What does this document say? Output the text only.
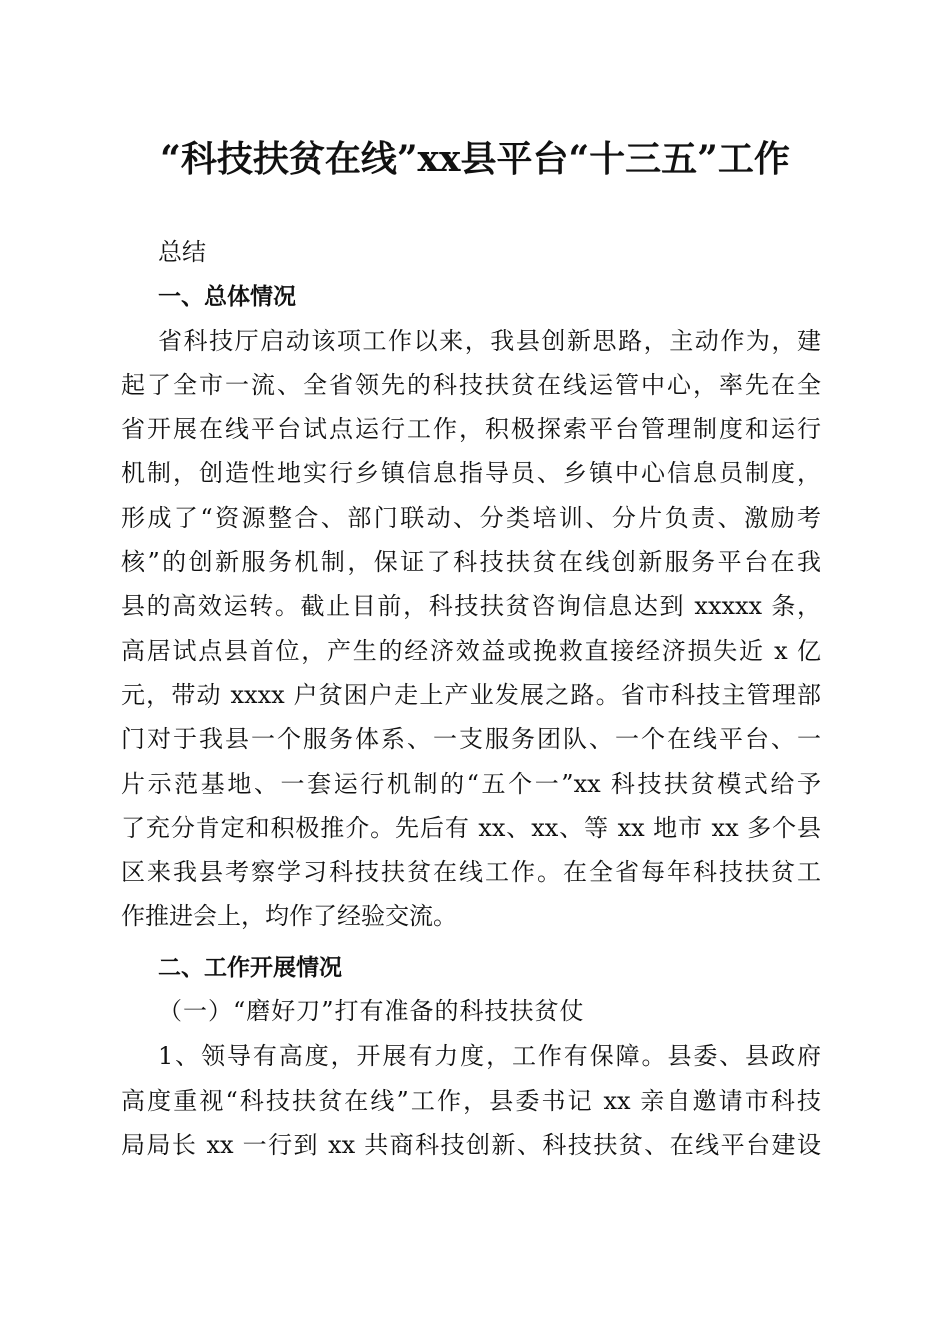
“科技扶贫在线”xx县平台“十三五”工作
总结
一、总体情况
省科技厅启动该项工作以来，我县创新思路，主动作为，建
起了全市一流、全省领先的科技扶贫在线运管中心，率先在全
省开展在线平台试点运行工作，积极探索平台管理制度和运行
机制，创造性地实行乡镇信息指导员、乡镇中心信息员制度，
形成了“资源整合、部门联动、分类培训、分片负责、激励考
核”的创新服务机制，保证了科技扶贫在线创新服务平台在我
县的高效运转。截止目前，科技扶贫咨询信息达到 xxxxx 条，
高居试点县首位，产生的经济效益或挽救直接经济损失近 x 亿
元，带动 xxxx 户贫困户走上产业发展之路。省市科技主管理部
门对于我县一个服务体系、一支服务团队、一个在线平台、一
片示范基地、一套运行机制的“五个一”xx 科技扶贫模式给予
了充分肯定和积极推介。先后有 xx、xx、等 xx 地市 xx 多个县
区来我县考察学习科技扶贫在线工作。在全省每年科技扶贫工
作推进会上，均作了经验交流。
二、工作开展情况
（一）“磨好刀”打有准备的科技扶贫仗
1、领导有高度，开展有力度，工作有保障。县委、县政府
高度重视“科技扶贫在线”工作，县委书记 xx 亲自邀请市科技
局局长 xx 一行到 xx 共商科技创新、科技扶贫、在线平台建设
